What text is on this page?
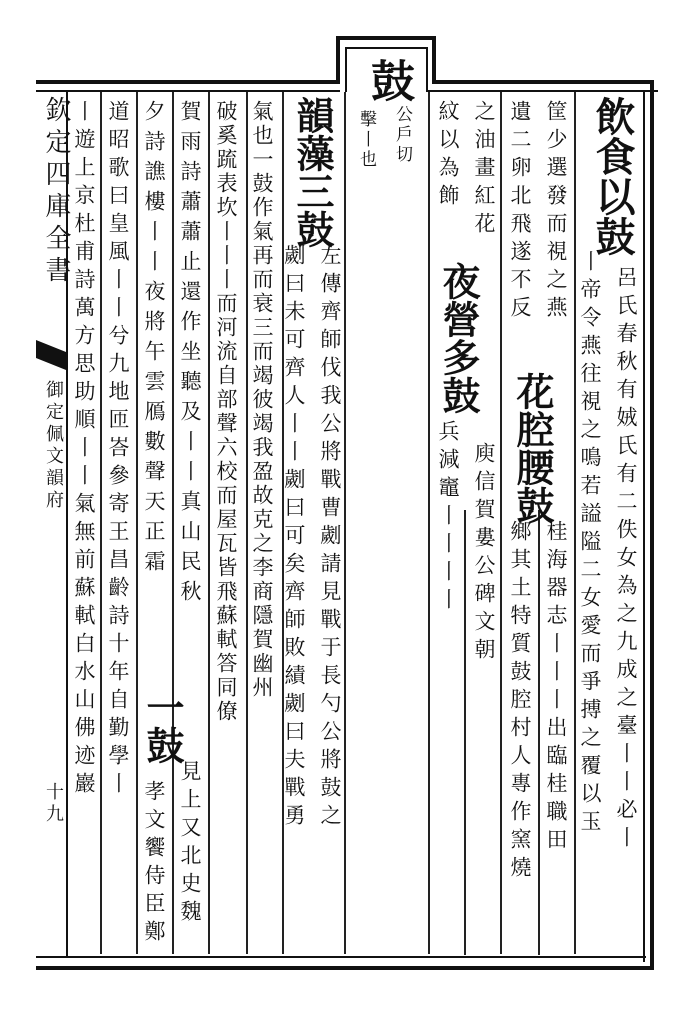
欽定四庫全書
御定佩文韻府
十九
鼓
公戶切
擊丨也	飲食以鼓
呂氏春秋有娀氏有二佚女為之九成之臺丨丨必丨
丨帝令燕往視之鳴若謚隘二女愛而爭搏之覆以玉
筐少選發而視之燕
花腔腰鼓
桂海器志丨丨丨出臨桂職田
遺二卵北飛遂不反
鄉其土特質鼓腔村人專作窯燒
之油畫紅花
夜營多鼓
庾信賀婁公碑文朝
紋以為飾
兵減竈丨丨丨丨
韻藻三鼓
左傳齊師伐我公將戰曹劌請見戰于長勺公將鼓之
劌曰未可齊人丨丨劌曰可矣齊師敗績劌曰夫戰勇
氣也一鼓作氣再而衰三而竭彼竭我盈故克之李商隱賀幽州
破奚䟽表坎丨丨丨而河流自部聲六校而屋瓦皆飛蘇軾答同僚
賀雨詩蕭蕭止還作坐聽及丨丨真山民秋
夕詩譙樓丨丨夜將午雲鴈數聲天正霜
一鼓
見上又北史魏
孝文饗侍臣鄭
道昭歌曰皇風丨丨兮九地匝峇參寄王昌齡詩十年自勤學丨
丨遊上京杜甫詩萬方思助順丨丨氣無前蘇軾白水山佛迹巖
